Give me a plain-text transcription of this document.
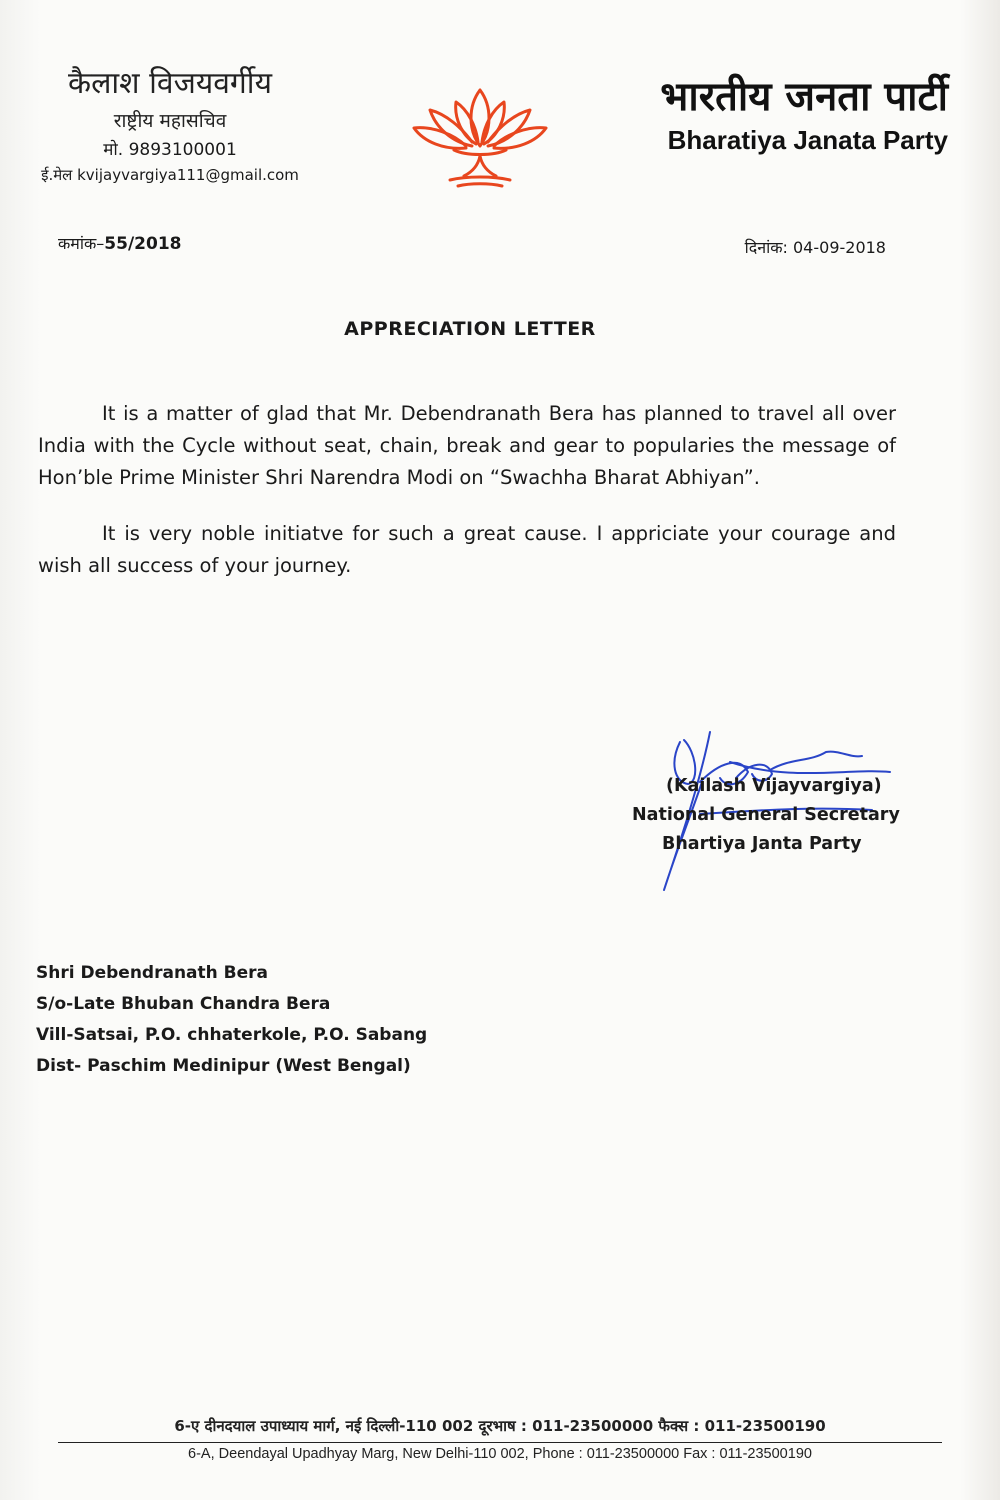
कैलाश विजयवर्गीय
राष्ट्रीय महासचिव
मो. 9893100001
ई.मेल kvijayvargiya111@gmail.com
भारतीय जनता पार्टी
Bharatiya Janata Party
कमांक–55/2018	दिनांक: 04-09-2018
APPRECIATION LETTER

It is a matter of glad that Mr. Debendranath Bera has planned to travel all over India with the Cycle without seat, chain, break and gear to popularies the message of Hon’ble Prime Minister Shri Narendra Modi on “Swachha Bharat Abhiyan”.

It is very noble initiatve for such a great cause. I appriciate your courage and wish all success of your journey.

(Kailash Vijayvargiya)
National General Secretary
Bhartiya Janta Party
Shri Debendranath Bera
S/o-Late Bhuban Chandra Bera
Vill-Satsai, P.O. chhaterkole, P.O. Sabang
Dist- Paschim Medinipur (West Bengal)
6-ए दीनदयाल उपाध्याय मार्ग, नई दिल्ली-110 002 दूरभाष : 011-23500000 फैक्स : 011-23500190
6-A, Deendayal Upadhyay Marg, New Delhi-110 002, Phone : 011-23500000 Fax : 011-23500190
